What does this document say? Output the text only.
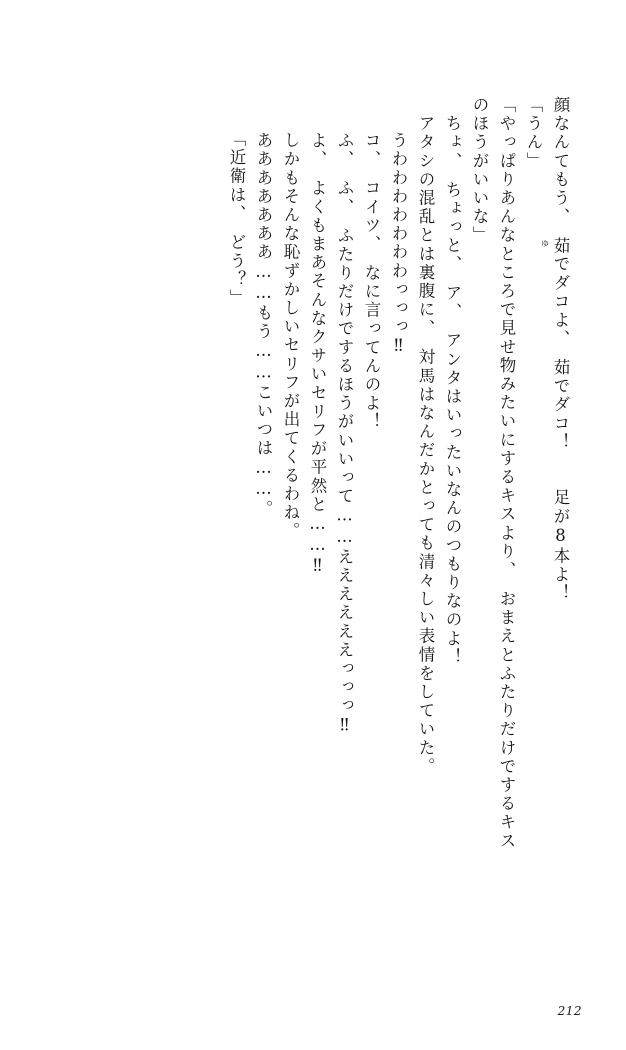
顔なんてもう、　茹
ゆ
でダコよ、　茹でダコ！　　足が8本よ！
「うん」
「やっぱりあんなところで見せ物みたいにするキスより、　おまえとふたりだけでするキス
のほうがいいな」
　ちょ、　ちょっと、　ア、　アンタはいったいなんのつもりなのよ！
　アタシの混乱とは裏腹に、　対馬はなんだかとっても清々しい表情をしていた。
　うわわわわわわわっっっ‼
　コ、　コイツ、　なに言ってんのよ！
　ふ、　ふ、　ふたりだけでするほうがいいって……ええええええっっっ‼
　よ、　よくもまあそんなクサいセリフが平然と……‼
　しかもそんな恥ずかしいセリフが出てくるわね。
　あああああああ……もう……こいつは……。
「近衛は、　どう？」
212
